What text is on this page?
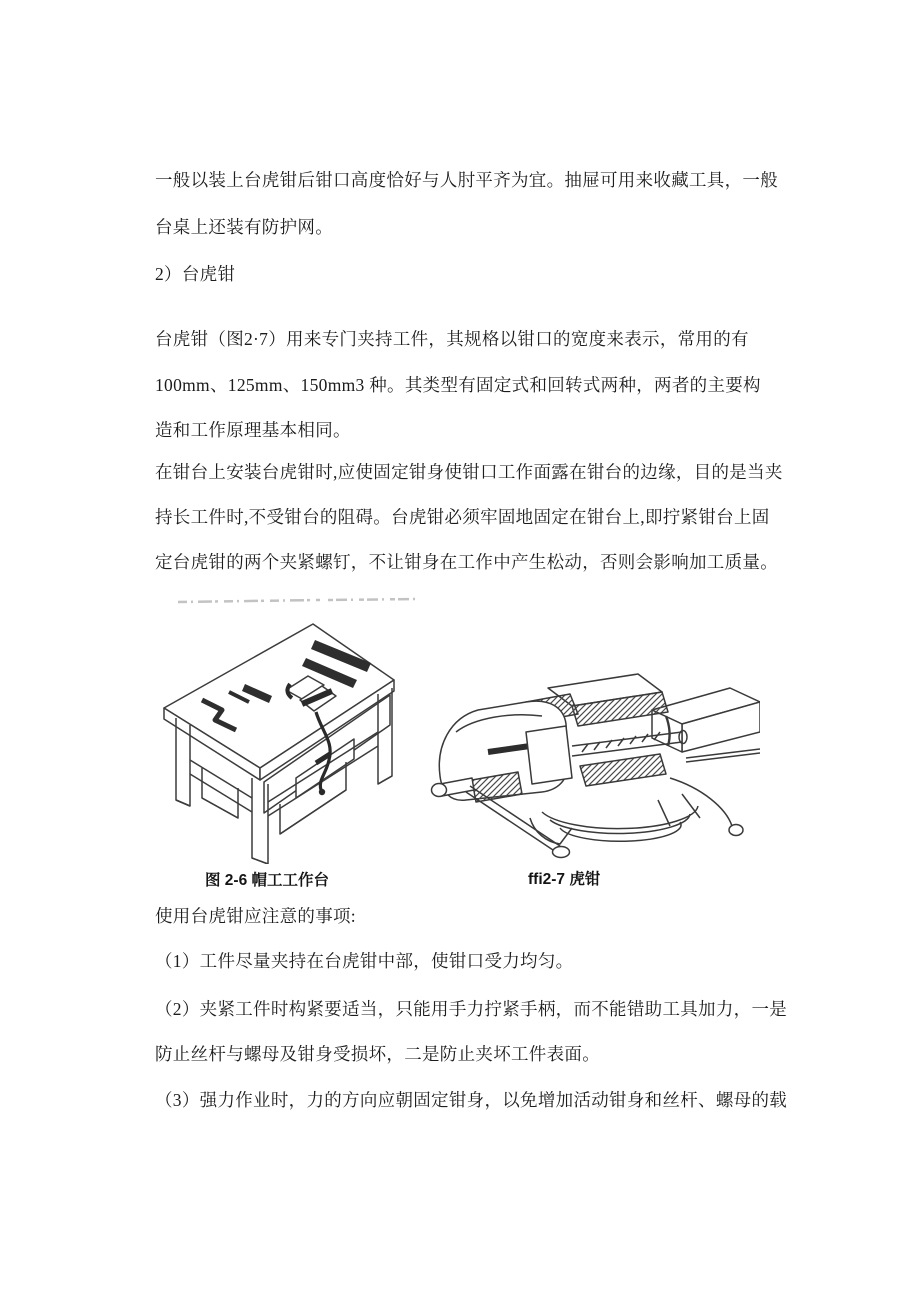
一般以装上台虎钳后钳口高度恰好与人肘平齐为宜。抽屉可用来收藏工具，一般
台桌上还装有防护网。
2）台虎钳
台虎钳（图2·7）用来专门夹持工件，其规格以钳口的宽度来表示，常用的有
100mm、125mm、150mm3 种。其类型有固定式和回转式两种，两者的主要构
造和工作原理基本相同。
在钳台上安装台虎钳时,应使固定钳身使钳口工作面露在钳台的边缘，目的是当夹
持长工件时,不受钳台的阻碍。台虎钳必须牢固地固定在钳台上,即拧紧钳台上固
定台虎钳的两个夹紧螺钉，不让钳身在工作中产生松动，否则会影响加工质量。
图 2-6 帽工工作台	ffi2-7 虎钳
使用台虎钳应注意的事项:
（1）工件尽量夹持在台虎钳中部，使钳口受力均匀。
（2）夹紧工件时构紧要适当，只能用手力拧紧手柄，而不能错助工具加力，一是
防止丝杆与螺母及钳身受损坏，二是防止夹坏工件表面。
（3）强力作业时，力的方向应朝固定钳身，以免增加活动钳身和丝杆、螺母的载
